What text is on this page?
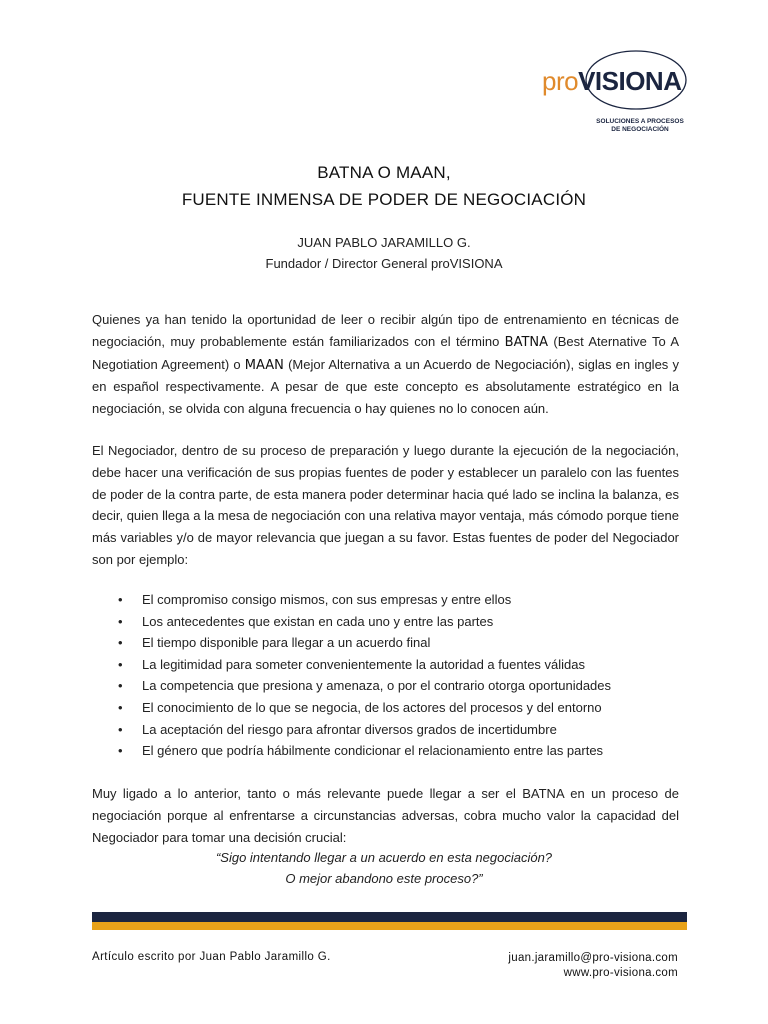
proVISIONA
SOLUCIONES A PROCESOS
DE NEGOCIACIÓN
BATNA O MAAN,
FUENTE INMENSA DE PODER DE NEGOCIACIÓN
JUAN PABLO JARAMILLO G.
Fundador / Director General proVISIONA

Quienes ya han tenido la oportunidad de leer o recibir algún tipo de entrenamiento en técnicas de negociación, muy probablemente están familiarizados con el término BATNA (Best Aternative To A Negotiation Agreement) o MAAN (Mejor Alternativa a un Acuerdo de Negociación), siglas en ingles y en español respectivamente. A pesar de que este concepto es absolutamente estratégico en la negociación, se olvida con alguna frecuencia o hay quienes no lo conocen aún.

El Negociador, dentro de su proceso de preparación y luego durante la ejecución de la negociación, debe hacer una verificación de sus propias fuentes de poder y establecer un paralelo con las fuentes de poder de la contra parte, de esta manera poder determinar hacia qué lado se inclina la balanza, es decir, quien llega a la mesa de negociación con una relativa mayor ventaja, más cómodo porque tiene más variables y/o de mayor relevancia que juegan a su favor. Estas fuentes de poder del Negociador son por ejemplo:

• El compromiso consigo mismos, con sus empresas y entre ellos
• Los antecedentes que existan en cada uno y entre las partes
• El tiempo disponible para llegar a un acuerdo final
• La legitimidad para someter convenientemente la autoridad a fuentes válidas
• La competencia que presiona y amenaza, o por el contrario otorga oportunidades
• El conocimiento de lo que se negocia, de los actores del procesos y del entorno
• La aceptación del riesgo para afrontar diversos grados de incertidumbre
• El género que podría hábilmente condicionar el relacionamiento entre las partes

Muy ligado a lo anterior, tanto o más relevante puede llegar a ser el BATNA en un proceso de negociación porque al enfrentarse a circunstancias adversas, cobra mucho valor la capacidad del Negociador para tomar una decisión crucial:

“Sigo intentando llegar a un acuerdo en esta negociación?
O mejor abandono este proceso?”
Artículo escrito por Juan Pablo Jaramillo G.	juan.jaramillo@pro-visiona.com
www.pro-visiona.com
